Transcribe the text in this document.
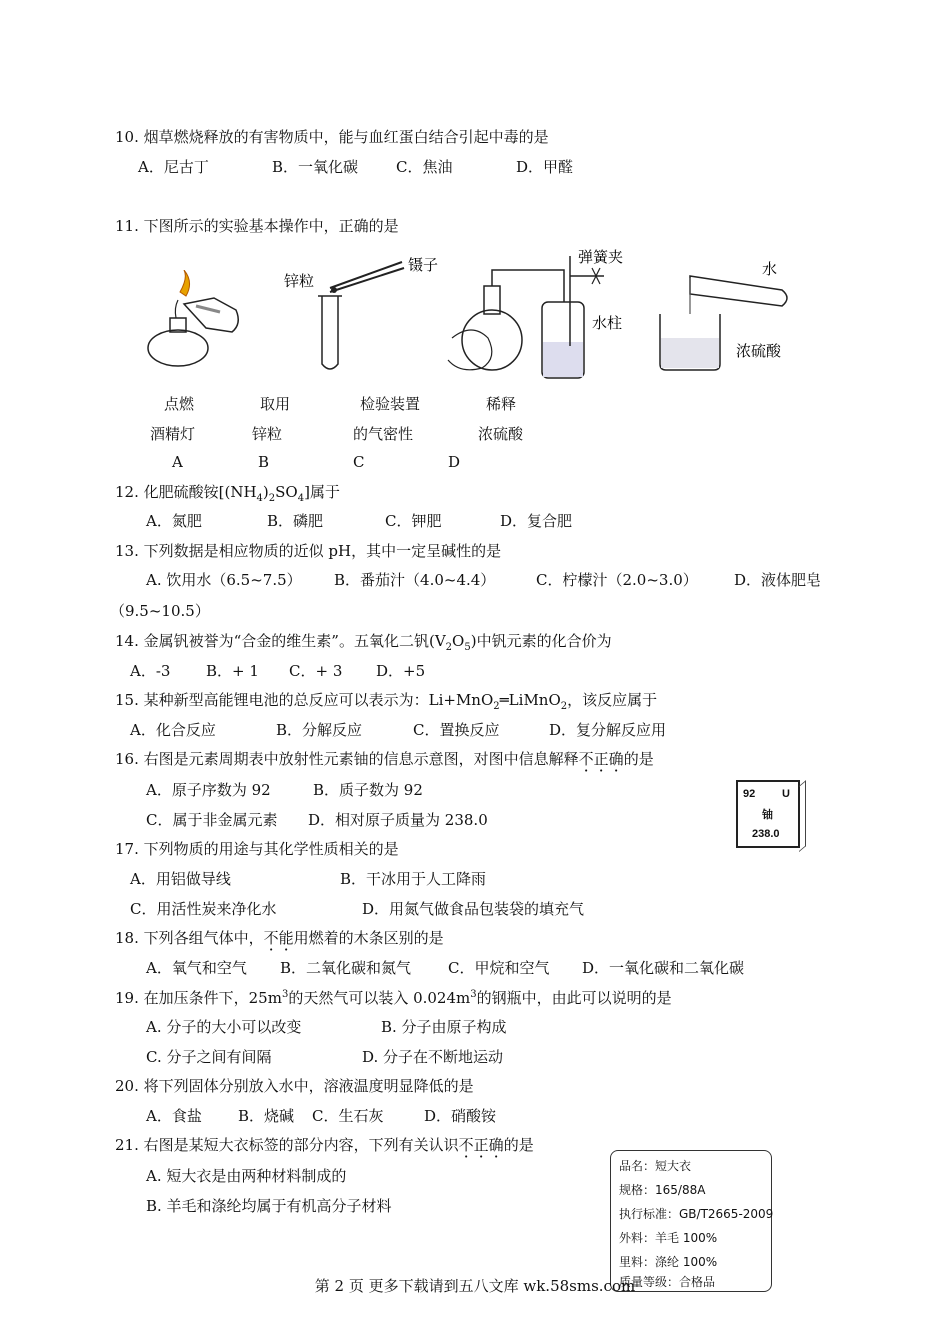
10. 烟草燃烧释放的有害物质中，能与血红蛋白结合引起中毒的是
A．尼古丁	B．一氧化碳	C．焦油	D．甲醛
11. 下图所示的实验基本操作中，正确的是
锌粒
镊子	弹簧夹
水柱
水
浓硫酸
点燃
酒精灯
A
取用
锌粒
B
检验装置
的气密性
C
稀释
浓硫酸
D
12. 化肥硫酸铵$[(NH_4)_2SO_4]$属于
A．氮肥	B．磷肥	C．钾肥	D．复合肥
13. 下列数据是相应物质的近似 pH，其中一定呈碱性的是
A. 饮用水（6.5~7.5） B．番茄汁（4.0~4.4）	C．柠檬汁（2.0~3.0） D．液体肥皂
（9.5~10.5）
14. 金属钒被誉为“合金的维生素”。五氧化二钒$(V_2O_5)$中钒元素的化合价为
A．-3 B．+ 1 C．+ 3 D．+5
15. 某种新型高能锂电池的总反应可以表示为：Li+MnO$_2$═LiMnO$_2$，该反应属于
A．化合反应	B．分解反应	C．置换反应	D．复分解反应用
16. 右图是元素周期表中放射性元素铀的信息示意图，对图中信息解释不正确的是
A．原子序数为 92	B．质子数为 92
C．属于非金属元素 D．相对原子质量为 238.0
92 U
铀
238.0
17. 下列物质的用途与其化学性质相关的是
A．用铝做导线	B．干冰用于人工降雨
C．用活性炭来净化水	D．用氮气做食品包装袋的填充气
18. 下列各组气体中，不能用燃着的木条区别的是
A．氧气和空气 B．二氧化碳和氮气 C．甲烷和空气 D．一氧化碳和二氧化碳
19. 在加压条件下，$25m^3$的天然气可以装入 $0.024m^3$的钢瓶中，由此可以说明的是
A. 分子的大小可以改变	B. 分子由原子构成
C. 分子之间有间隔	D. 分子在不断地运动
20. 将下列固体分别放入水中，溶液温度明显降低的是
A．食盐 B．烧碱 C．生石灰	D．硝酸铵
21. 右图是某短大衣标签的部分内容，下列有关认识不正确的是
A. 短大衣是由两种材料制成的
B. 羊毛和涤纶均属于有机高分子材料
品名：短大衣
规格：165/88A
执行标准：GB/T2665-2009
外料：羊毛 100%
里料：涤纶 100%
质量等级：合格品
第 2 页 更多下载请到五八文库 wk.58sms.com
